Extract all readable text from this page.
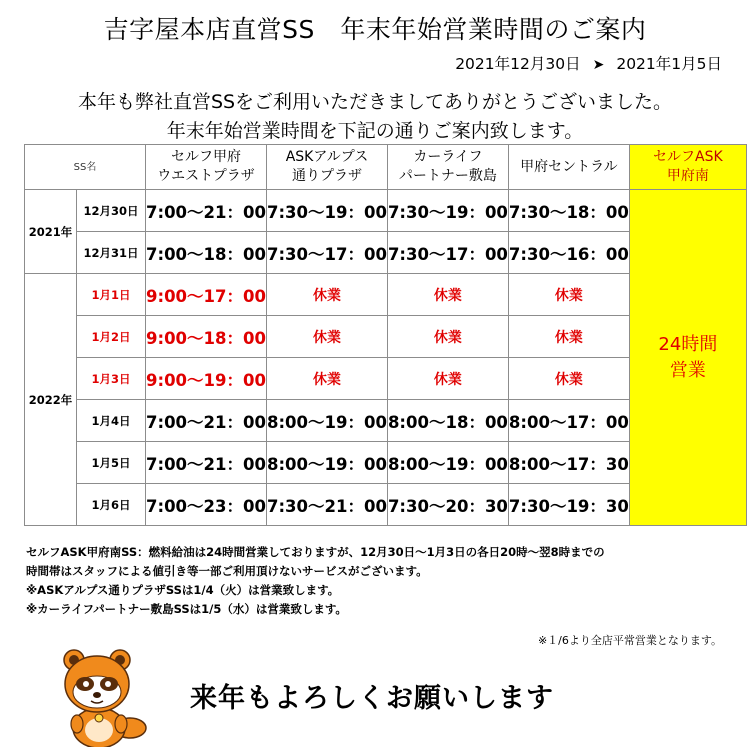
吉字屋本店直営SS　年末年始営業時間のご案内
2021年12月30日 ➤ 2021年1月5日
本年も弊社直営SSをご利用いただきましてありがとうございました。
年末年始営業時間を下記の通りご案内致します。
SS名		セルフ甲府
ウエストプラザ	ASKアルプス
通りプラザ	カーライフ
パートナー敷島	甲府セントラル	セルフASK
甲府南
2021年	12月30日	7:00～21：00	7:30～19：00	7:30～19：00	7:30～18：00	24時間
営業
	12月31日	7:00～18：00	7:30～17：00	7:30～17：00	7:30～16：00	
2022年	1月1日	9:00～17：00	休業	休業	休業	
	1月2日	9:00～18：00	休業	休業	休業	
	1月3日	9:00～19：00	休業	休業	休業	
	1月4日	7:00～21：00	8:00～19：00	8:00～18：00	8:00～17：00	
	1月5日	7:00～21：00	8:00～19：00	8:00～19：00	8:00～17：30	
	1月6日	7:00～23：00	7:30～21：00	7:30～20：30	7:30～19：30	
セルフASK甲府南SS：燃料給油は24時間営業しておりますが、12月30日～1月3日の各日20時～翌8時までの
時間帯はスタッフによる値引き等一部ご利用頂けないサービスがございます。
※ASKアルプス通りプラザSSは1/4（火）は営業致します。
※カーライフパートナー敷島SSは1/5（水）は営業致します。
※１/6より全店平常営業となります。
来年もよろしくお願いします
